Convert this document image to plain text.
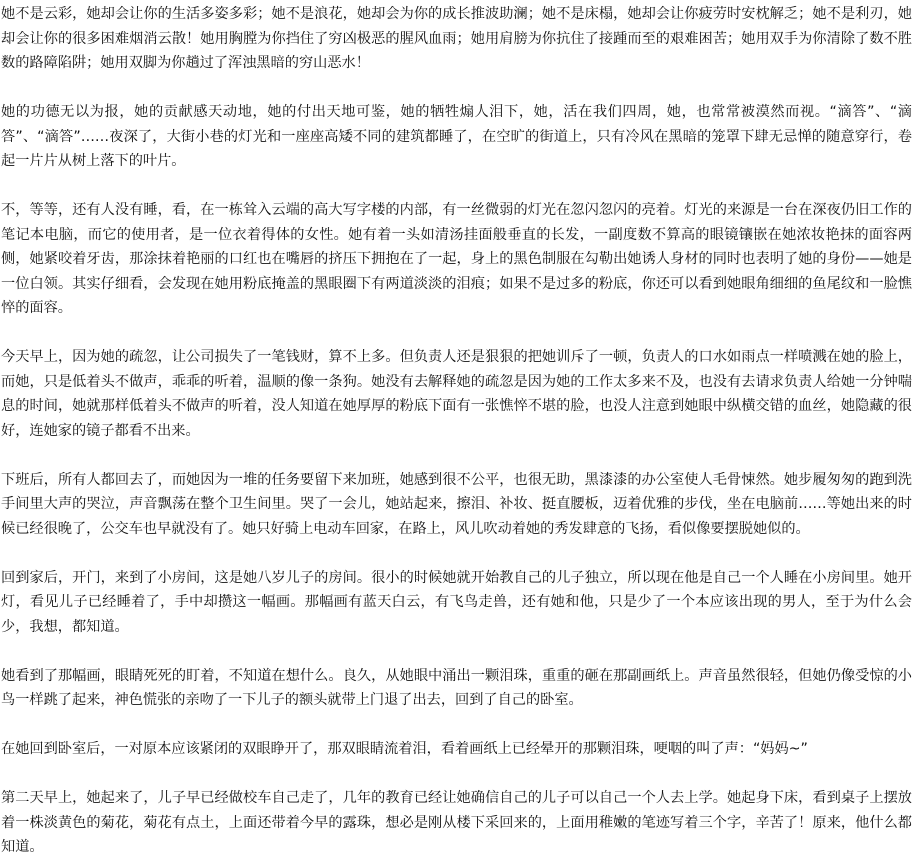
她不是云彩，她却会让你的生活多姿多彩；她不是浪花，她却会为你的成长推波助澜；她不是床榻，她却会让你疲劳时安枕解乏；她不是利刃，她却会让你的很多困难烟消云散！她用胸膛为你挡住了穷凶极恶的腥风血雨；她用肩膀为你抗住了接踵而至的艰难困苦；她用双手为你清除了数不胜数的路障陷阱；她用双脚为你趟过了浑浊黑暗的穷山恶水！

她的功德无以为报，她的贡献感天动地，她的付出天地可鉴，她的牺牲煽人泪下，她，活在我们四周，她，也常常被漠然而视。“滴答”、“滴答”、“滴答”……夜深了，大街小巷的灯光和一座座高矮不同的建筑都睡了，在空旷的街道上，只有冷风在黑暗的笼罩下肆无忌惮的随意穿行，卷起一片片从树上落下的叶片。

不，等等，还有人没有睡，看，在一栋耸入云端的高大写字楼的内部，有一丝微弱的灯光在忽闪忽闪的亮着。灯光的来源是一台在深夜仍旧工作的笔记本电脑，而它的使用者，是一位衣着得体的女性。她有着一头如清汤挂面般垂直的长发，一副度数不算高的眼镜镶嵌在她浓妆艳抹的面容两侧，她紧咬着牙齿，那涂抹着艳丽的口红也在嘴唇的挤压下拥抱在了一起，身上的黑色制服在勾勒出她诱人身材的同时也表明了她的身份——她是一位白领。其实仔细看，会发现在她用粉底掩盖的黑眼圈下有两道淡淡的泪痕；如果不是过多的粉底，你还可以看到她眼角细细的鱼尾纹和一脸憔悴的面容。

今天早上，因为她的疏忽，让公司损失了一笔钱财，算不上多。但负责人还是狠狠的把她训斥了一顿，负责人的口水如雨点一样喷溅在她的脸上，而她，只是低着头不做声，乖乖的听着，温顺的像一条狗。她没有去解释她的疏忽是因为她的工作太多来不及，也没有去请求负责人给她一分钟喘息的时间，她就那样低着头不做声的听着，没人知道在她厚厚的粉底下面有一张憔悴不堪的脸，也没人注意到她眼中纵横交错的血丝，她隐藏的很好，连她家的镜子都看不出来。

下班后，所有人都回去了，而她因为一堆的任务要留下来加班，她感到很不公平，也很无助，黑漆漆的办公室使人毛骨悚然。她步履匆匆的跑到洗手间里大声的哭泣，声音飘荡在整个卫生间里。哭了一会儿，她站起来，擦泪、补妆、挺直腰板，迈着优雅的步伐，坐在电脑前……等她出来的时候已经很晚了，公交车也早就没有了。她只好骑上电动车回家，在路上，风儿吹动着她的秀发肆意的飞扬，看似像要摆脱她似的。

回到家后，开门，来到了小房间，这是她八岁儿子的房间。很小的时候她就开始教自己的儿子独立，所以现在他是自己一个人睡在小房间里。她开灯，看见儿子已经睡着了，手中却攒这一幅画。那幅画有蓝天白云，有飞鸟走兽，还有她和他，只是少了一个本应该出现的男人，至于为什么会少，我想，都知道。

她看到了那幅画，眼睛死死的盯着，不知道在想什么。良久，从她眼中涌出一颗泪珠，重重的砸在那副画纸上。声音虽然很轻，但她仍像受惊的小鸟一样跳了起来，神色慌张的亲吻了一下儿子的额头就带上门退了出去，回到了自己的卧室。

在她回到卧室后，一对原本应该紧闭的双眼睁开了，那双眼睛流着泪，看着画纸上已经晕开的那颗泪珠，哽咽的叫了声：“妈妈~”

第二天早上，她起来了，儿子早已经做校车自己走了，几年的教育已经让她确信自己的儿子可以自己一个人去上学。她起身下床，看到桌子上摆放着一株淡黄色的菊花，菊花有点土，上面还带着今早的露珠，想必是刚从楼下采回来的，上面用稚嫩的笔迹写着三个字，辛苦了！原来，他什么都知道。
